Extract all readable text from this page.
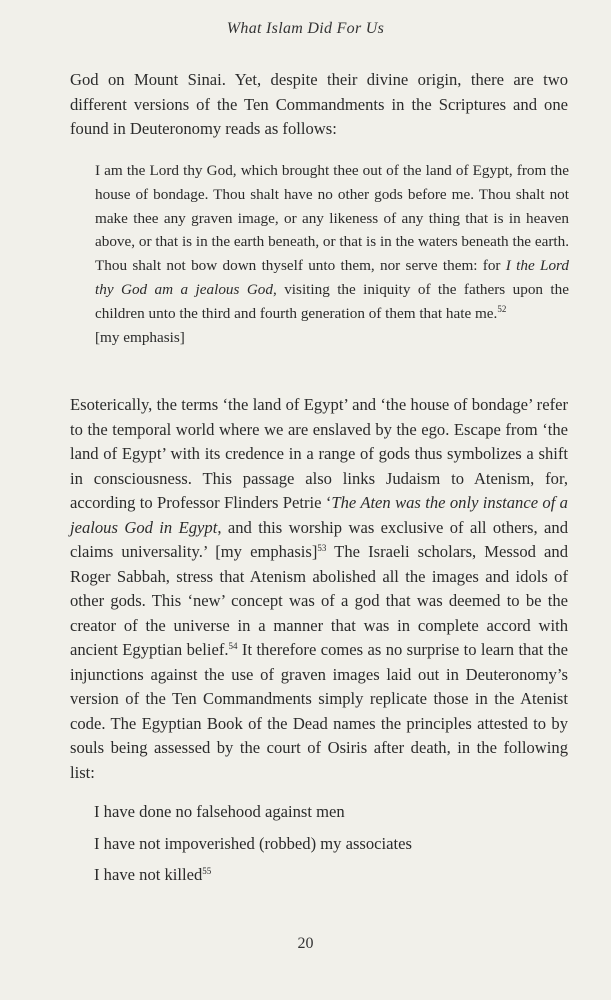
What Islam Did For Us

God on Mount Sinai. Yet, despite their divine origin, there are two different versions of the Ten Commandments in the Scriptures and one found in Deuteronomy reads as follows:

I am the Lord thy God, which brought thee out of the land of Egypt, from the house of bondage. Thou shalt have no other gods before me. Thou shalt not make thee any graven image, or any likeness of any thing that is in heaven above, or that is in the earth beneath, or that is in the waters beneath the earth. Thou shalt not bow down thyself unto them, nor serve them: for I the Lord thy God am a jealous God, visiting the iniquity of the fathers upon the children unto the third and fourth generation of them that hate me.$^{52}$
[my emphasis]

Esoterically, the terms ‘the land of Egypt’ and ‘the house of bondage’ refer to the temporal world where we are enslaved by the ego. Escape from ‘the land of Egypt’ with its credence in a range of gods thus symbolizes a shift in consciousness. This passage also links Judaism to Atenism, for, according to Professor Flinders Petrie ‘The Aten was the only instance of a jealous God in Egypt, and this worship was exclusive of all others, and claims universality.’ [my emphasis]$^{53}$ The Israeli scholars, Messod and Roger Sabbah, stress that Atenism abolished all the images and idols of other gods. This ‘new’ concept was of a god that was deemed to be the creator of the universe in a manner that was in complete accord with ancient Egyptian belief.$^{54}$ It therefore comes as no surprise to learn that the injunctions against the use of graven images laid out in Deuteronomy’s version of the Ten Commandments simply replicate those in the Atenist code. The Egyptian Book of the Dead names the principles attested to by souls being assessed by the court of Osiris after death, in the following list:

I have done no falsehood against men
I have not impoverished (robbed) my associates
I have not killed$^{55}$
20
